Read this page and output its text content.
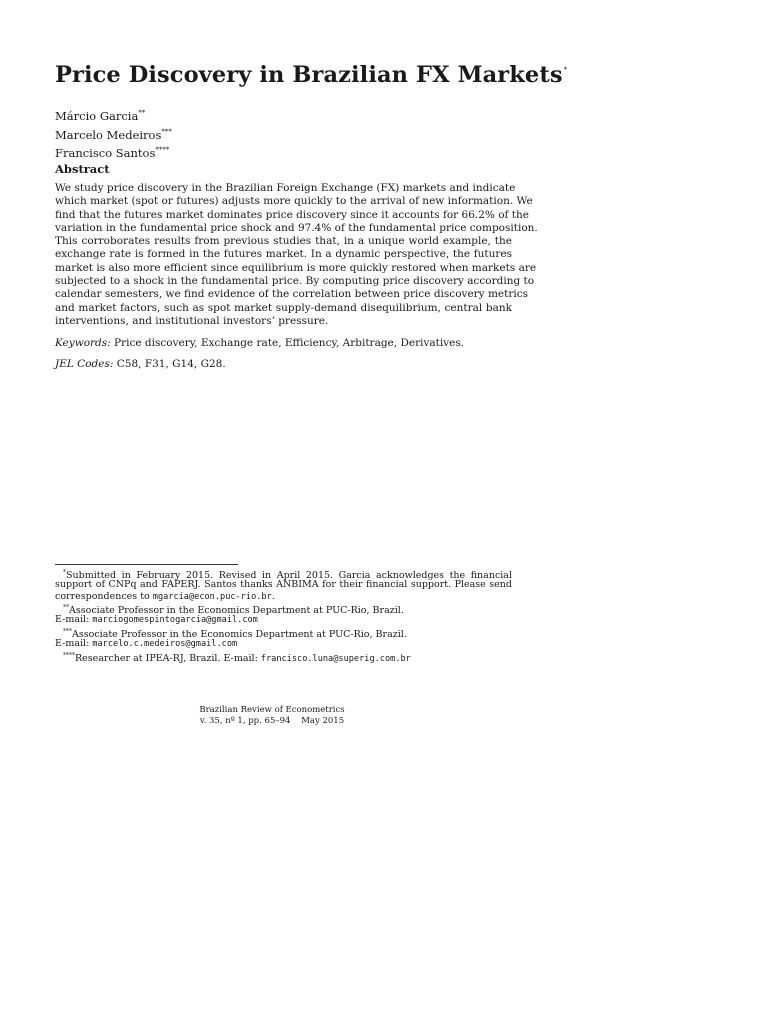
Price Discovery in Brazilian FX Markets*
Márcio Garcia**
Marcelo Medeiros***
Francisco Santos****
Abstract
We study price discovery in the Brazilian Foreign Exchange (FX) markets and indicate
which market (spot or futures) adjusts more quickly to the arrival of new information. We
find that the futures market dominates price discovery since it accounts for 66.2% of the
variation in the fundamental price shock and 97.4% of the fundamental price composition.
This corroborates results from previous studies that, in a unique world example, the
exchange rate is formed in the futures market. In a dynamic perspective, the futures
market is also more efficient since equilibrium is more quickly restored when markets are
subjected to a shock in the fundamental price. By computing price discovery according to
calendar semesters, we find evidence of the correlation between price discovery metrics
and market factors, such as spot market supply-demand disequilibrium, central bank
interventions, and institutional investors’ pressure.
Keywords: Price discovery, Exchange rate, Efficiency, Arbitrage, Derivatives.
JEL Codes: C58, F31, G14, G28.
*Submitted in February 2015. Revised in April 2015. Garcia acknowledges the financial
support of CNPq and FAPERJ. Santos thanks ANBIMA for their financial support. Please send
correspondences to mgarcia@econ.puc-rio.br.
**Associate Professor in the Economics Department at PUC-Rio, Brazil.
E-mail: marciogomespintogarcia@gmail.com
***Associate Professor in the Economics Department at PUC-Rio, Brazil.
E-mail: marcelo.c.medeiros@gmail.com
****Researcher at IPEA-RJ, Brazil. E-mail: francisco.luna@superig.com.br
Brazilian Review of Econometrics
v. 35, nº 1, pp. 65–94    May 2015
